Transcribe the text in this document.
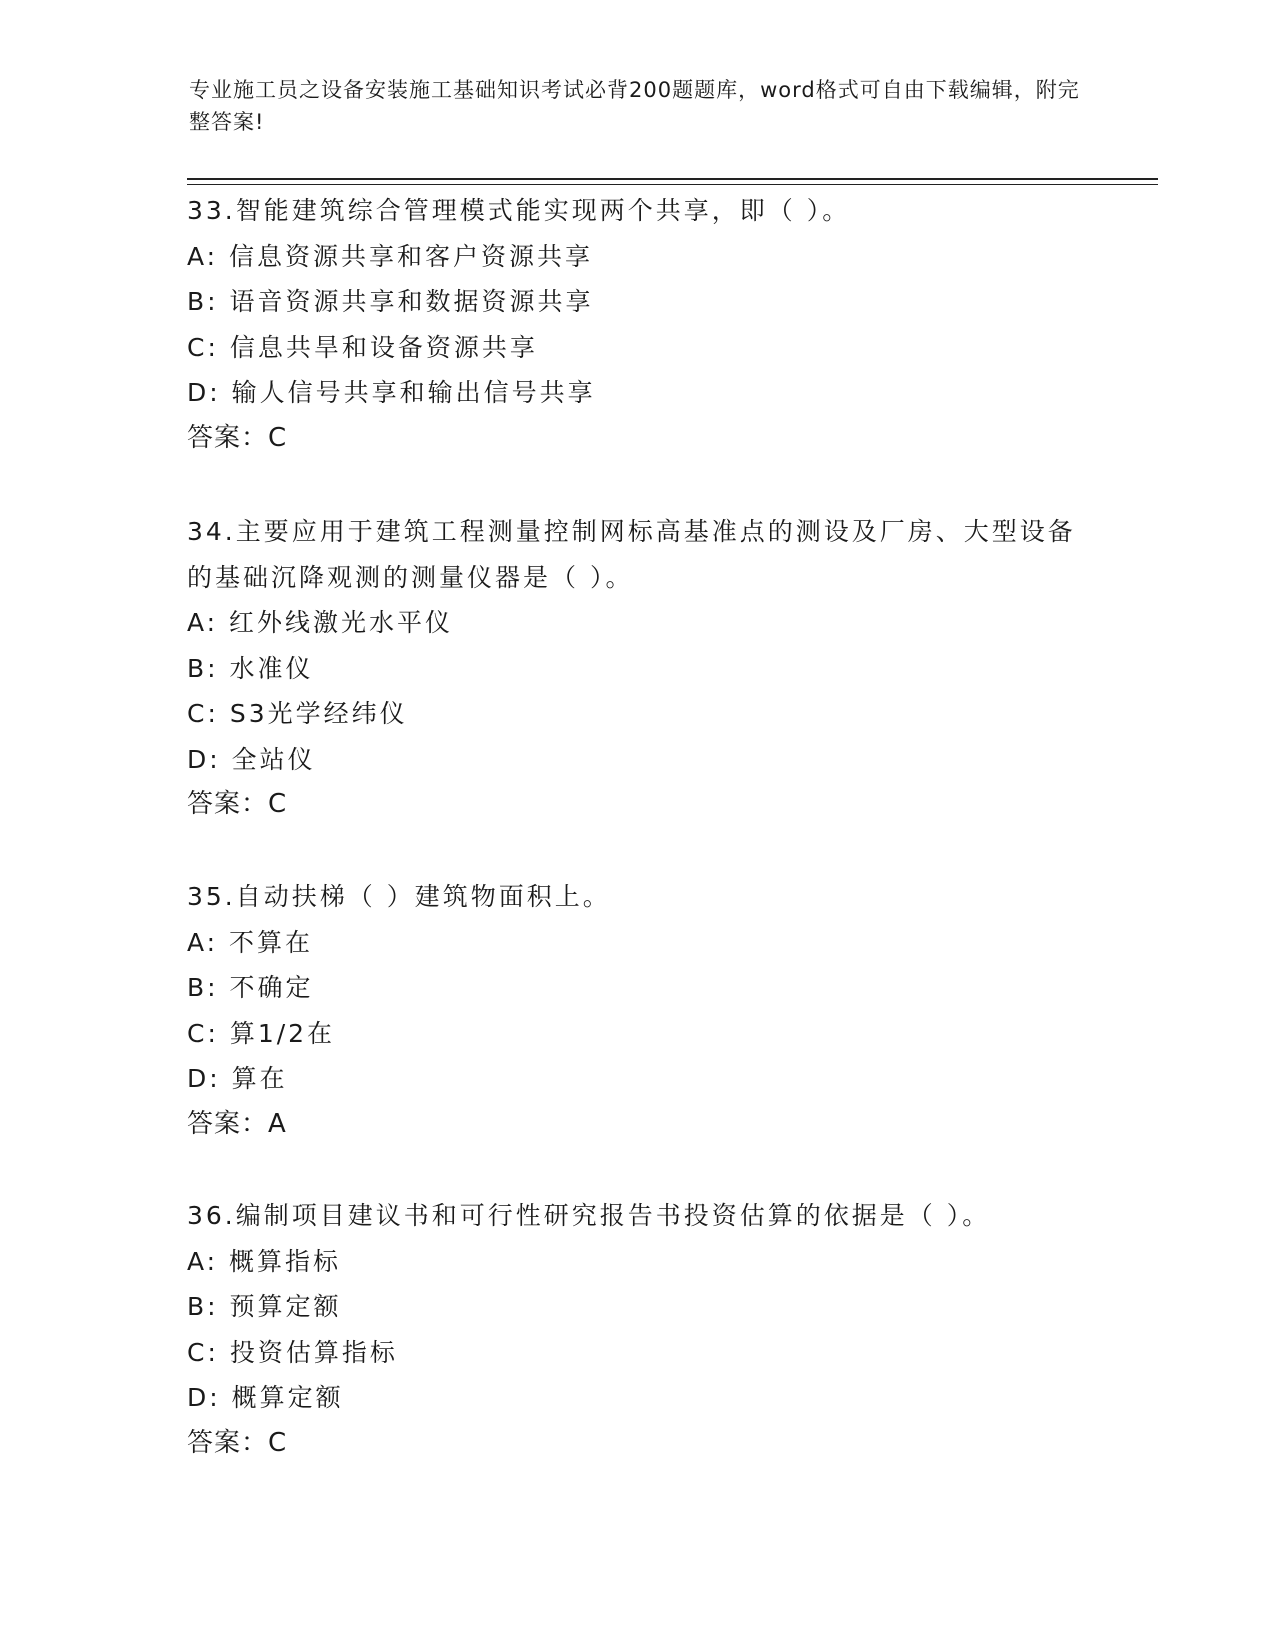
专业施工员之设备安装施工基础知识考试必背200题题库，word格式可自由下载编辑，附完整答案!
33.智能建筑综合管理模式能实现两个共享，即（ ）。
A: 信息资源共享和客户资源共享
B: 语音资源共享和数据资源共享
C: 信息共旱和设备资源共享
D: 输人信号共享和输出信号共享
答案：C
34.主要应用于建筑工程测量控制网标高基准点的测设及厂房、大型设备的基础沉降观测的测量仪器是（ ）。
A: 红外线激光水平仪
B: 水准仪
C: S3光学经纬仪
D: 全站仪
答案：C
35.自动扶梯（ ）建筑物面积上。
A: 不算在
B: 不确定
C: 算1/2在
D: 算在
答案：A
36.编制项目建议书和可行性研究报告书投资估算的依据是（ ）。
A: 概算指标
B: 预算定额
C: 投资估算指标
D: 概算定额
答案：C
